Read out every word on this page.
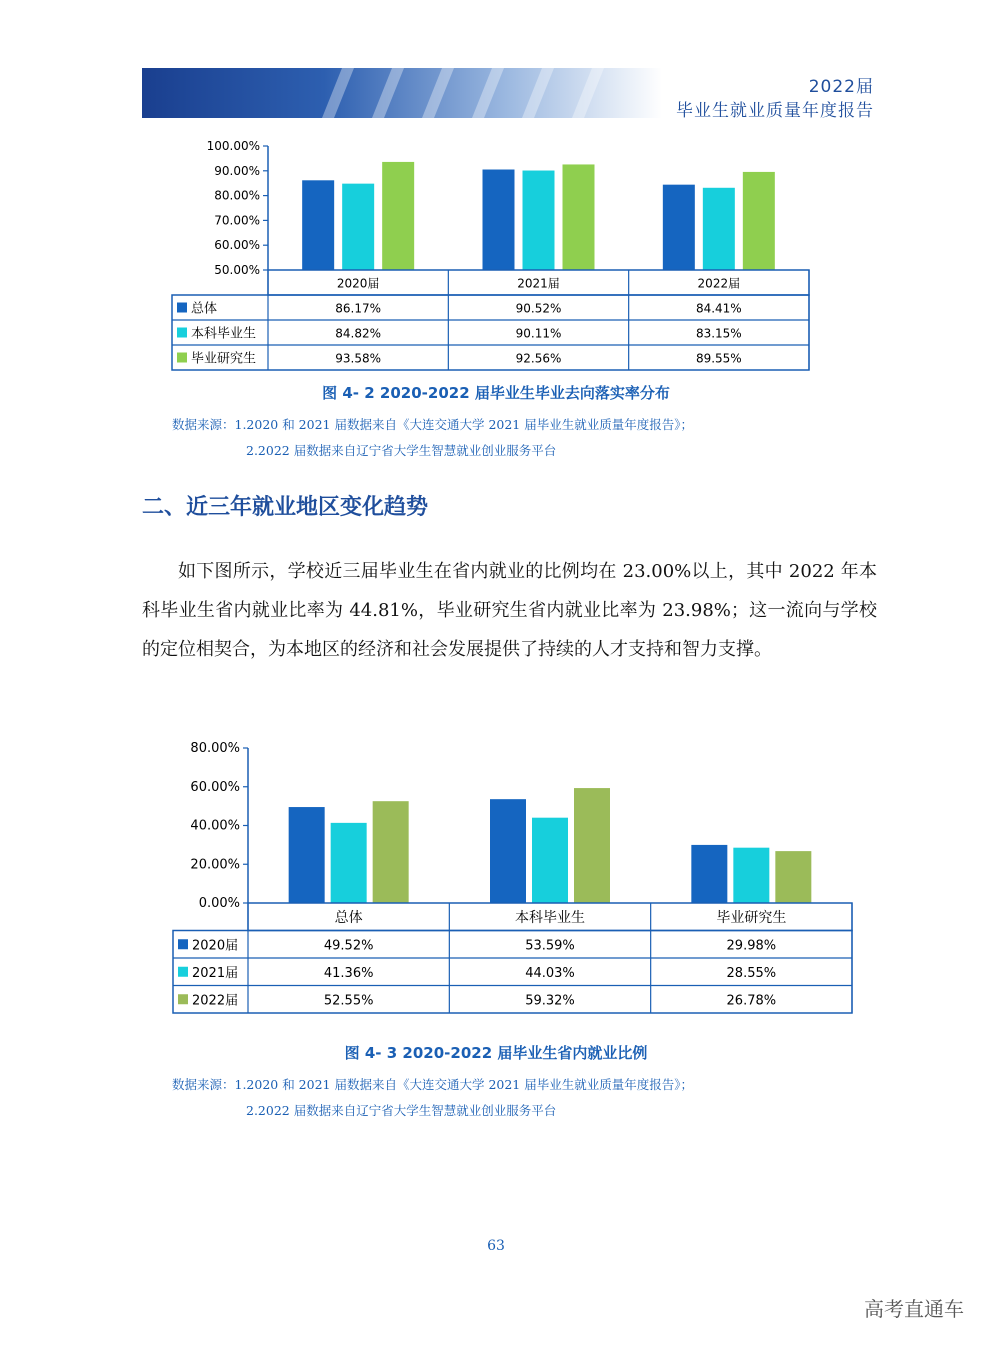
2022届
毕业生就业质量年度报告
100.00%
90.00%
80.00%
70.00%
60.00%
50.00%
2020届	2021届	2022届
总体	86.17%	90.52%	84.41%
本科毕业生	84.82%	90.11%	83.15%
毕业研究生	93.58%	92.56%	89.55%
图 4- 2 2020-2022 届毕业生毕业去向落实率分布
数据来源：1.2020 和 2021 届数据来自《大连交通大学 2021 届毕业生就业质量年度报告》；
2.2022 届数据来自辽宁省大学生智慧就业创业服务平台
二、近三年就业地区变化趋势
如下图所示，学校近三届毕业生在省内就业的比例均在 23.00%以上，其中 2022 年本科毕业生省内就业比率为 44.81%，毕业研究生省内就业比率为 23.98%；这一流向与学校的定位相契合，为本地区的经济和社会发展提供了持续的人才支持和智力支撑。
80.00%
60.00%
40.00%
20.00%
0.00%
总体	本科毕业生	毕业研究生
2020届	49.52%	53.59%	29.98%
2021届	41.36%	44.03%	28.55%
2022届	52.55%	59.32%	26.78%
图 4- 3 2020-2022 届毕业生省内就业比例
数据来源：1.2020 和 2021 届数据来自《大连交通大学 2021 届毕业生就业质量年度报告》；
2.2022 届数据来自辽宁省大学生智慧就业创业服务平台
63
高考直通车
